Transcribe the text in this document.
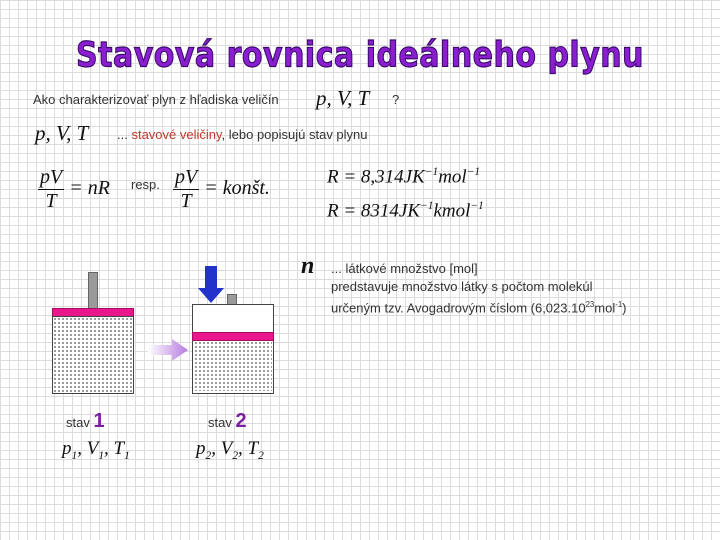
Stavová rovnica ideálneho plynu
Ako charakterizovať plyn z hľadiska veličín p, V, T ?
p, V, T ... stavové veličiny, lebo popisujú stav plynu
$\frac{pV}{T}$ = nR resp. $\frac{pV}{T}$ = konšt.
$R = 8,314JK^{-1}mol^{-1}$
$R = 8314JK^{-1}kmol^{-1}$
n ... látkové množstvo [mol]
predstavuje množstvo látky s počtom molekúl
určeným tzv. Avogadrovým číslom (6,023.10$^{23}$mol$^{-1}$)
stav 1	stav 2
$p_1$, $V_1$, $T_1$	$p_2$, $V_2$, $T_2$
